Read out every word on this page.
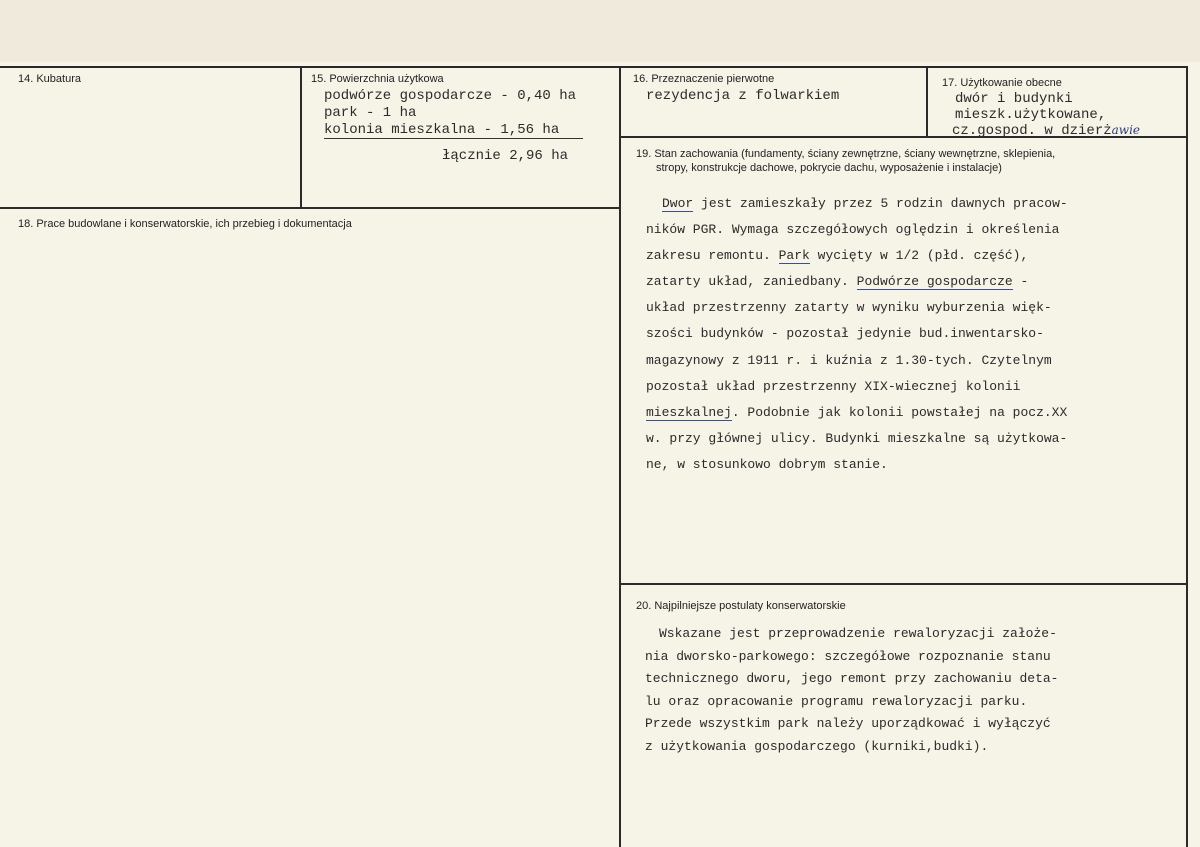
14. Kubatura	15. Powierzchnia użytkowa
podwórze gospodarcze - 0,40 ha
park - 1 ha
kolonia mieszkalna - 1,56 ha
łącznie 2,96 ha
16. Przeznaczenie pierwotne
rezydencja z folwarkiem
17. Użytkowanie obecne
dwór i budynki
mieszk.użytkowane,
cz.gospod. w dzierżawie
18. Prace budowlane i konserwatorskie, ich przebieg i dokumentacja
19. Stan zachowania (fundamenty, ściany zewnętrzne, ściany wewnętrzne, sklepienia,
stropy, konstrukcje dachowe, pokrycie dachu, wyposażenie i instalacje)
Dwor jest zamieszkały przez 5 rodzin dawnych pracow-
ników PGR. Wymaga szczegółowych oględzin i określenia
zakresu remontu. Park wycięty w 1/2 (płd. część),
zatarty układ, zaniedbany. Podwórze gospodarcze -
układ przestrzenny zatarty w wyniku wyburzenia więk-
szości budynków - pozostał jedynie bud.inwentarsko-
magazynowy z 1911 r. i kuźnia z 1.30-tych. Czytelnym
pozostał układ przestrzenny XIX-wiecznej kolonii
mieszkalnej. Podobnie jak kolonii powstałej na pocz.XX
w. przy głównej ulicy. Budynki mieszkalne są użytkowa-
ne, w stosunkowo dobrym stanie.
20. Najpilniejsze postulaty konserwatorskie
Wskazane jest przeprowadzenie rewaloryzacji założe-
nia dworsko-parkowego: szczegółowe rozpoznanie stanu
technicznego dworu, jego remont przy zachowaniu deta-
lu oraz opracowanie programu rewaloryzacji parku.
Przede wszystkim park należy uporządkować i wyłączyć
z użytkowania gospodarczego (kurniki,budki).
